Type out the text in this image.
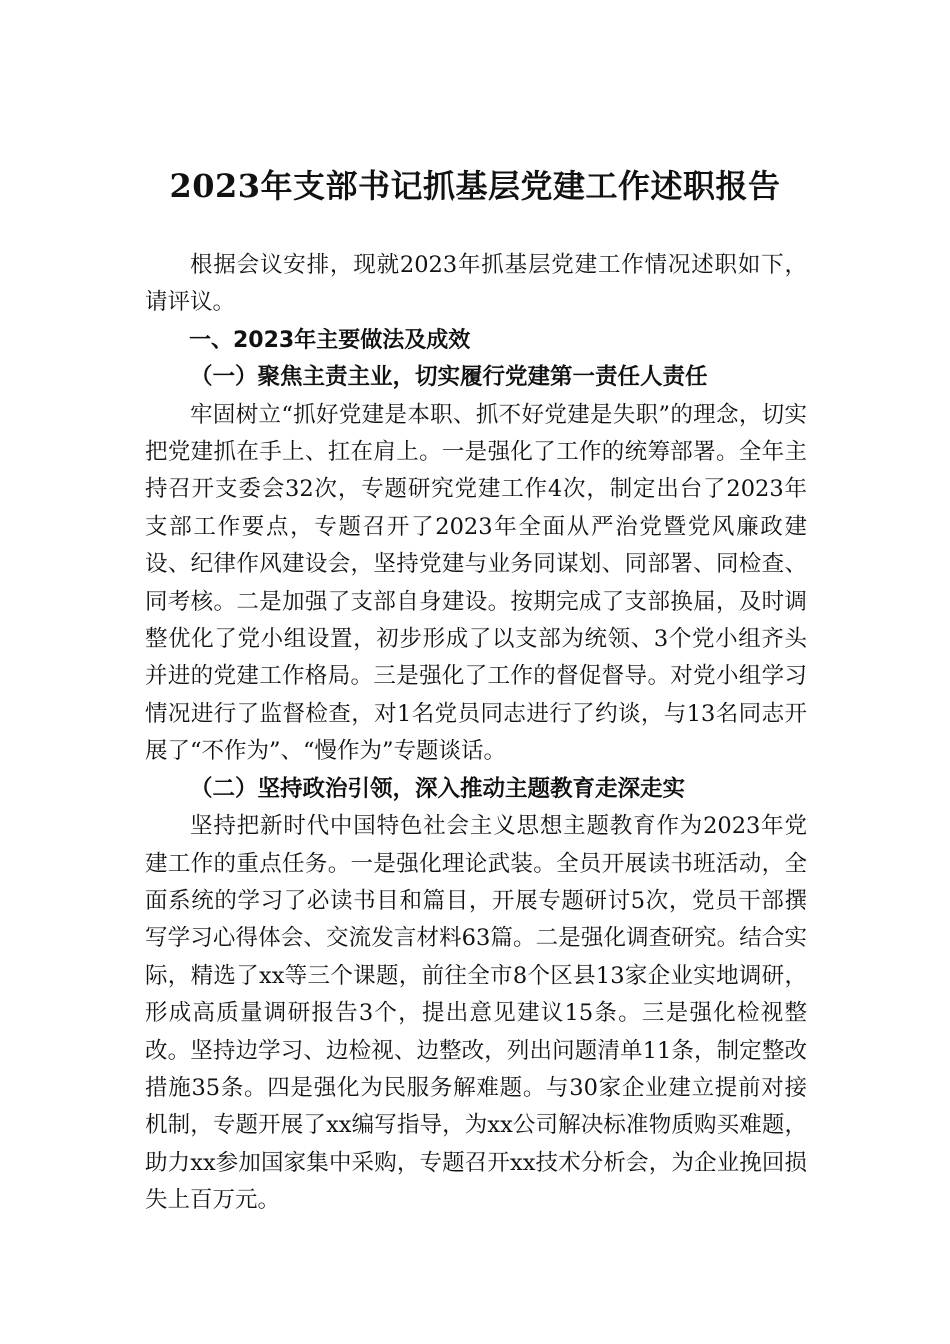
2023年支部书记抓基层党建工作述职报告

根据会议安排，现就2023年抓基层党建工作情况述职如下，请评议。

一、2023年主要做法及成效
（一）聚焦主责主业，切实履行党建第一责任人责任

牢固树立“抓好党建是本职、抓不好党建是失职”的理念，切实把党建抓在手上、扛在肩上。一是强化了工作的统筹部署。全年主持召开支委会32次，专题研究党建工作4次，制定出台了2023年支部工作要点，专题召开了2023年全面从严治党暨党风廉政建设、纪律作风建设会，坚持党建与业务同谋划、同部署、同检查、同考核。二是加强了支部自身建设。按期完成了支部换届，及时调整优化了党小组设置，初步形成了以支部为统领、3个党小组齐头并进的党建工作格局。三是强化了工作的督促督导。对党小组学习情况进行了监督检查，对1名党员同志进行了约谈，与13名同志开展了“不作为”、“慢作为”专题谈话。

（二）坚持政治引领，深入推动主题教育走深走实

坚持把新时代中国特色社会主义思想主题教育作为2023年党建工作的重点任务。一是强化理论武装。全员开展读书班活动，全面系统的学习了必读书目和篇目，开展专题研讨5次，党员干部撰写学习心得体会、交流发言材料63篇。二是强化调查研究。结合实际，精选了xx等三个课题，前往全市8个区县13家企业实地调研，形成高质量调研报告3个，提出意见建议15条。三是强化检视整改。坚持边学习、边检视、边整改，列出问题清单11条，制定整改措施35条。四是强化为民服务解难题。与30家企业建立提前对接机制，专题开展了xx编写指导，为xx公司解决标准物质购买难题，助力xx参加国家集中采购，专题召开xx技术分析会，为企业挽回损失上百万元。
